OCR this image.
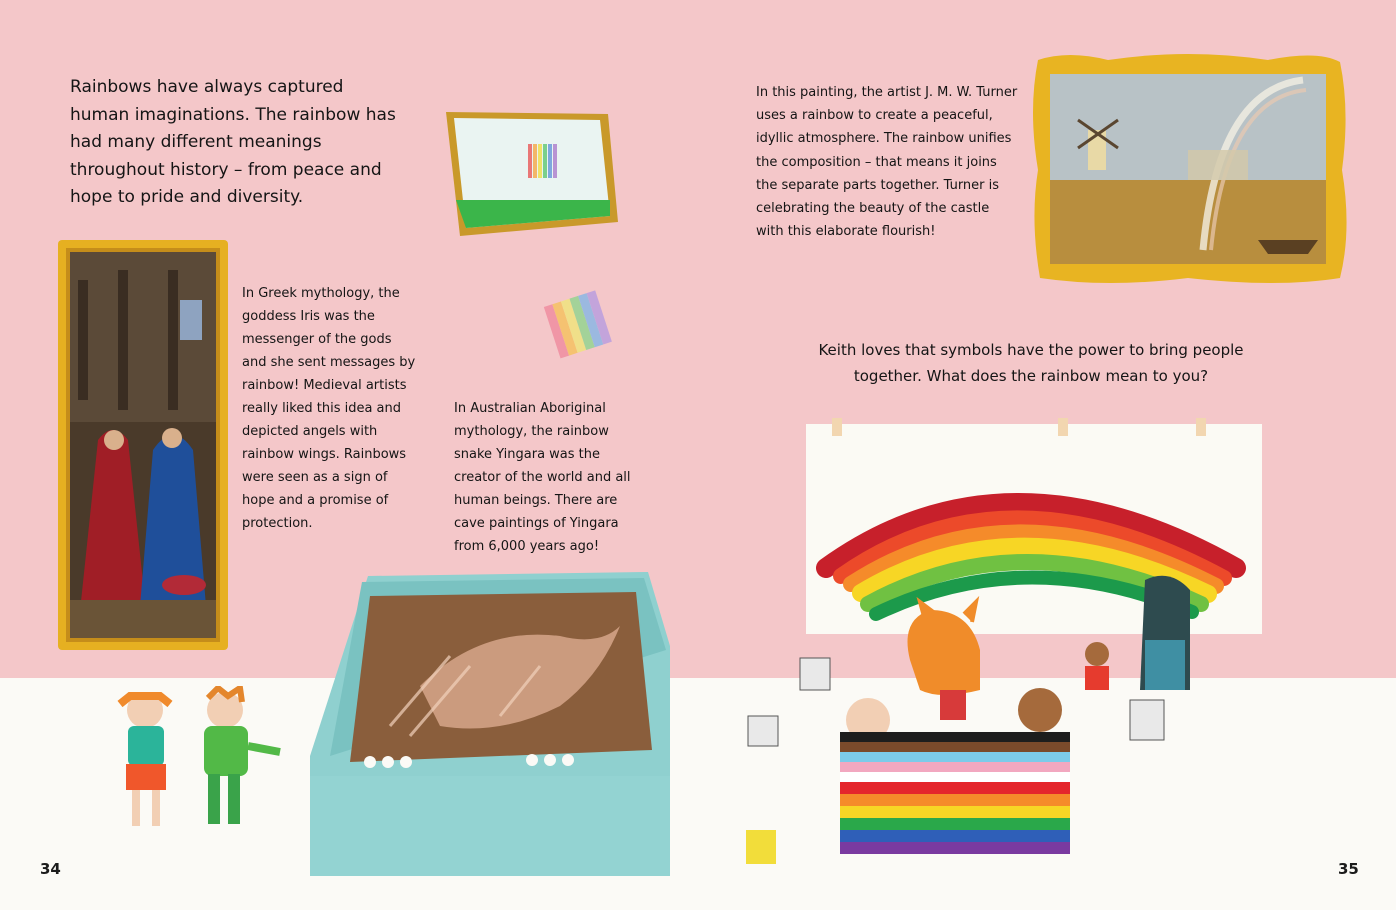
Rainbows have always captured human imaginations. The rainbow has had many different meanings throughout history – from peace and hope to pride and diversity.
In Greek mythology, the goddess Iris was the messenger of the gods and she sent messages by rainbow! Medieval artists really liked this idea and depicted angels with rainbow wings. Rainbows were seen as a sign of hope and a promise of protection.
In Australian Aboriginal mythology, the rainbow snake Yingara was the creator of the world and all human beings. There are cave paintings of Yingara from 6,000 years ago!
In this painting, the artist J. M. W. Turner uses a rainbow to create a peaceful, idyllic atmosphere. The rainbow unifies the composition – that means it joins the separate parts together. Turner is celebrating the beauty of the castle with this elaborate flourish!
Keith loves that symbols have the power to bring people together. What does the rainbow mean to you?
34	35
